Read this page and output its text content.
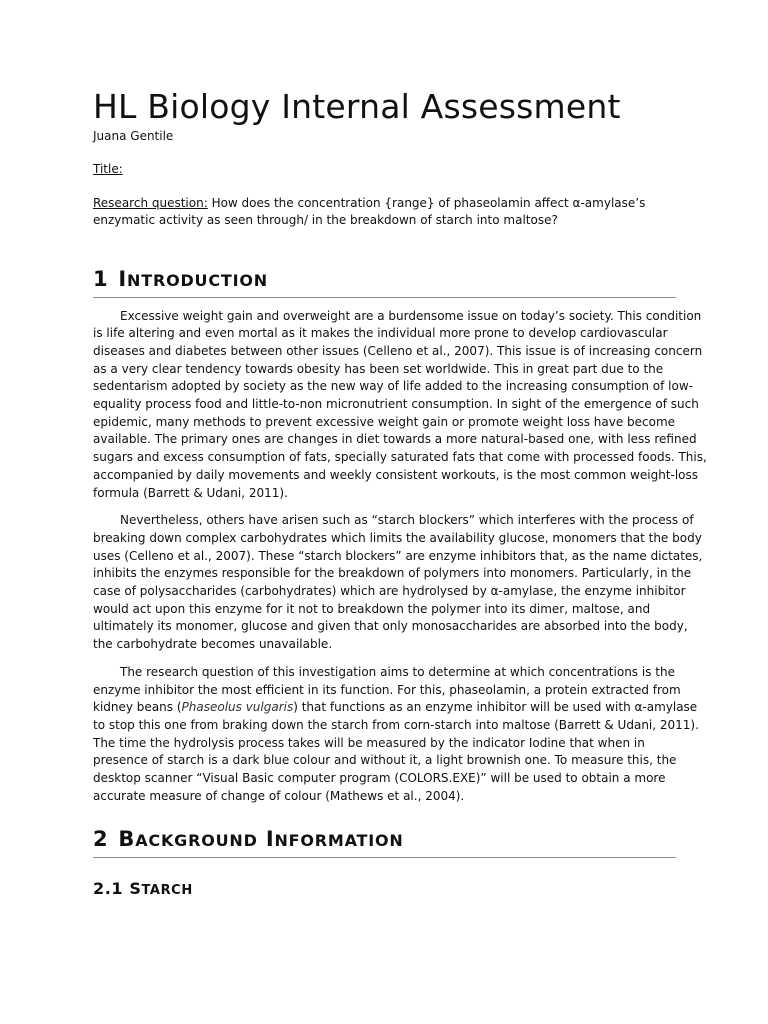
HL Biology Internal Assessment

Juana Gentile

Title:

Research question: How does the concentration {range} of phaseolamin affect α-amylase’s
enzymatic activity as seen through/ in the breakdown of starch into maltose?

1 INTRODUCTION
Excessive weight gain and overweight are a burdensome issue on today’s society. This condition
is life altering and even mortal as it makes the individual more prone to develop cardiovascular
diseases and diabetes between other issues (Celleno et al., 2007). This issue is of increasing concern
as a very clear tendency towards obesity has been set worldwide. This in great part due to the
sedentarism adopted by society as the new way of life added to the increasing consumption of low-
equality process food and little-to-non micronutrient consumption. In sight of the emergence of such
epidemic, many methods to prevent excessive weight gain or promote weight loss have become
available. The primary ones are changes in diet towards a more natural-based one, with less refined
sugars and excess consumption of fats, specially saturated fats that come with processed foods. This,
accompanied by daily movements and weekly consistent workouts, is the most common weight-loss
formula (Barrett & Udani, 2011).
Nevertheless, others have arisen such as “starch blockers” which interferes with the process of
breaking down complex carbohydrates which limits the availability glucose, monomers that the body
uses (Celleno et al., 2007). These “starch blockers” are enzyme inhibitors that, as the name dictates,
inhibits the enzymes responsible for the breakdown of polymers into monomers. Particularly, in the
case of polysaccharides (carbohydrates) which are hydrolysed by α-amylase, the enzyme inhibitor
would act upon this enzyme for it not to breakdown the polymer into its dimer, maltose, and
ultimately its monomer, glucose and given that only monosaccharides are absorbed into the body,
the carbohydrate becomes unavailable.
The research question of this investigation aims to determine at which concentrations is the
enzyme inhibitor the most efficient in its function. For this, phaseolamin, a protein extracted from
kidney beans (Phaseolus vulgaris) that functions as an enzyme inhibitor will be used with α-amylase
to stop this one from braking down the starch from corn-starch into maltose (Barrett & Udani, 2011).
The time the hydrolysis process takes will be measured by the indicator Iodine that when in
presence of starch is a dark blue colour and without it, a light brownish one. To measure this, the
desktop scanner “Visual Basic computer program (COLORS.EXE)” will be used to obtain a more
accurate measure of change of colour (Mathews et al., 2004).
2 BACKGROUND INFORMATION
2.1 STARCH
